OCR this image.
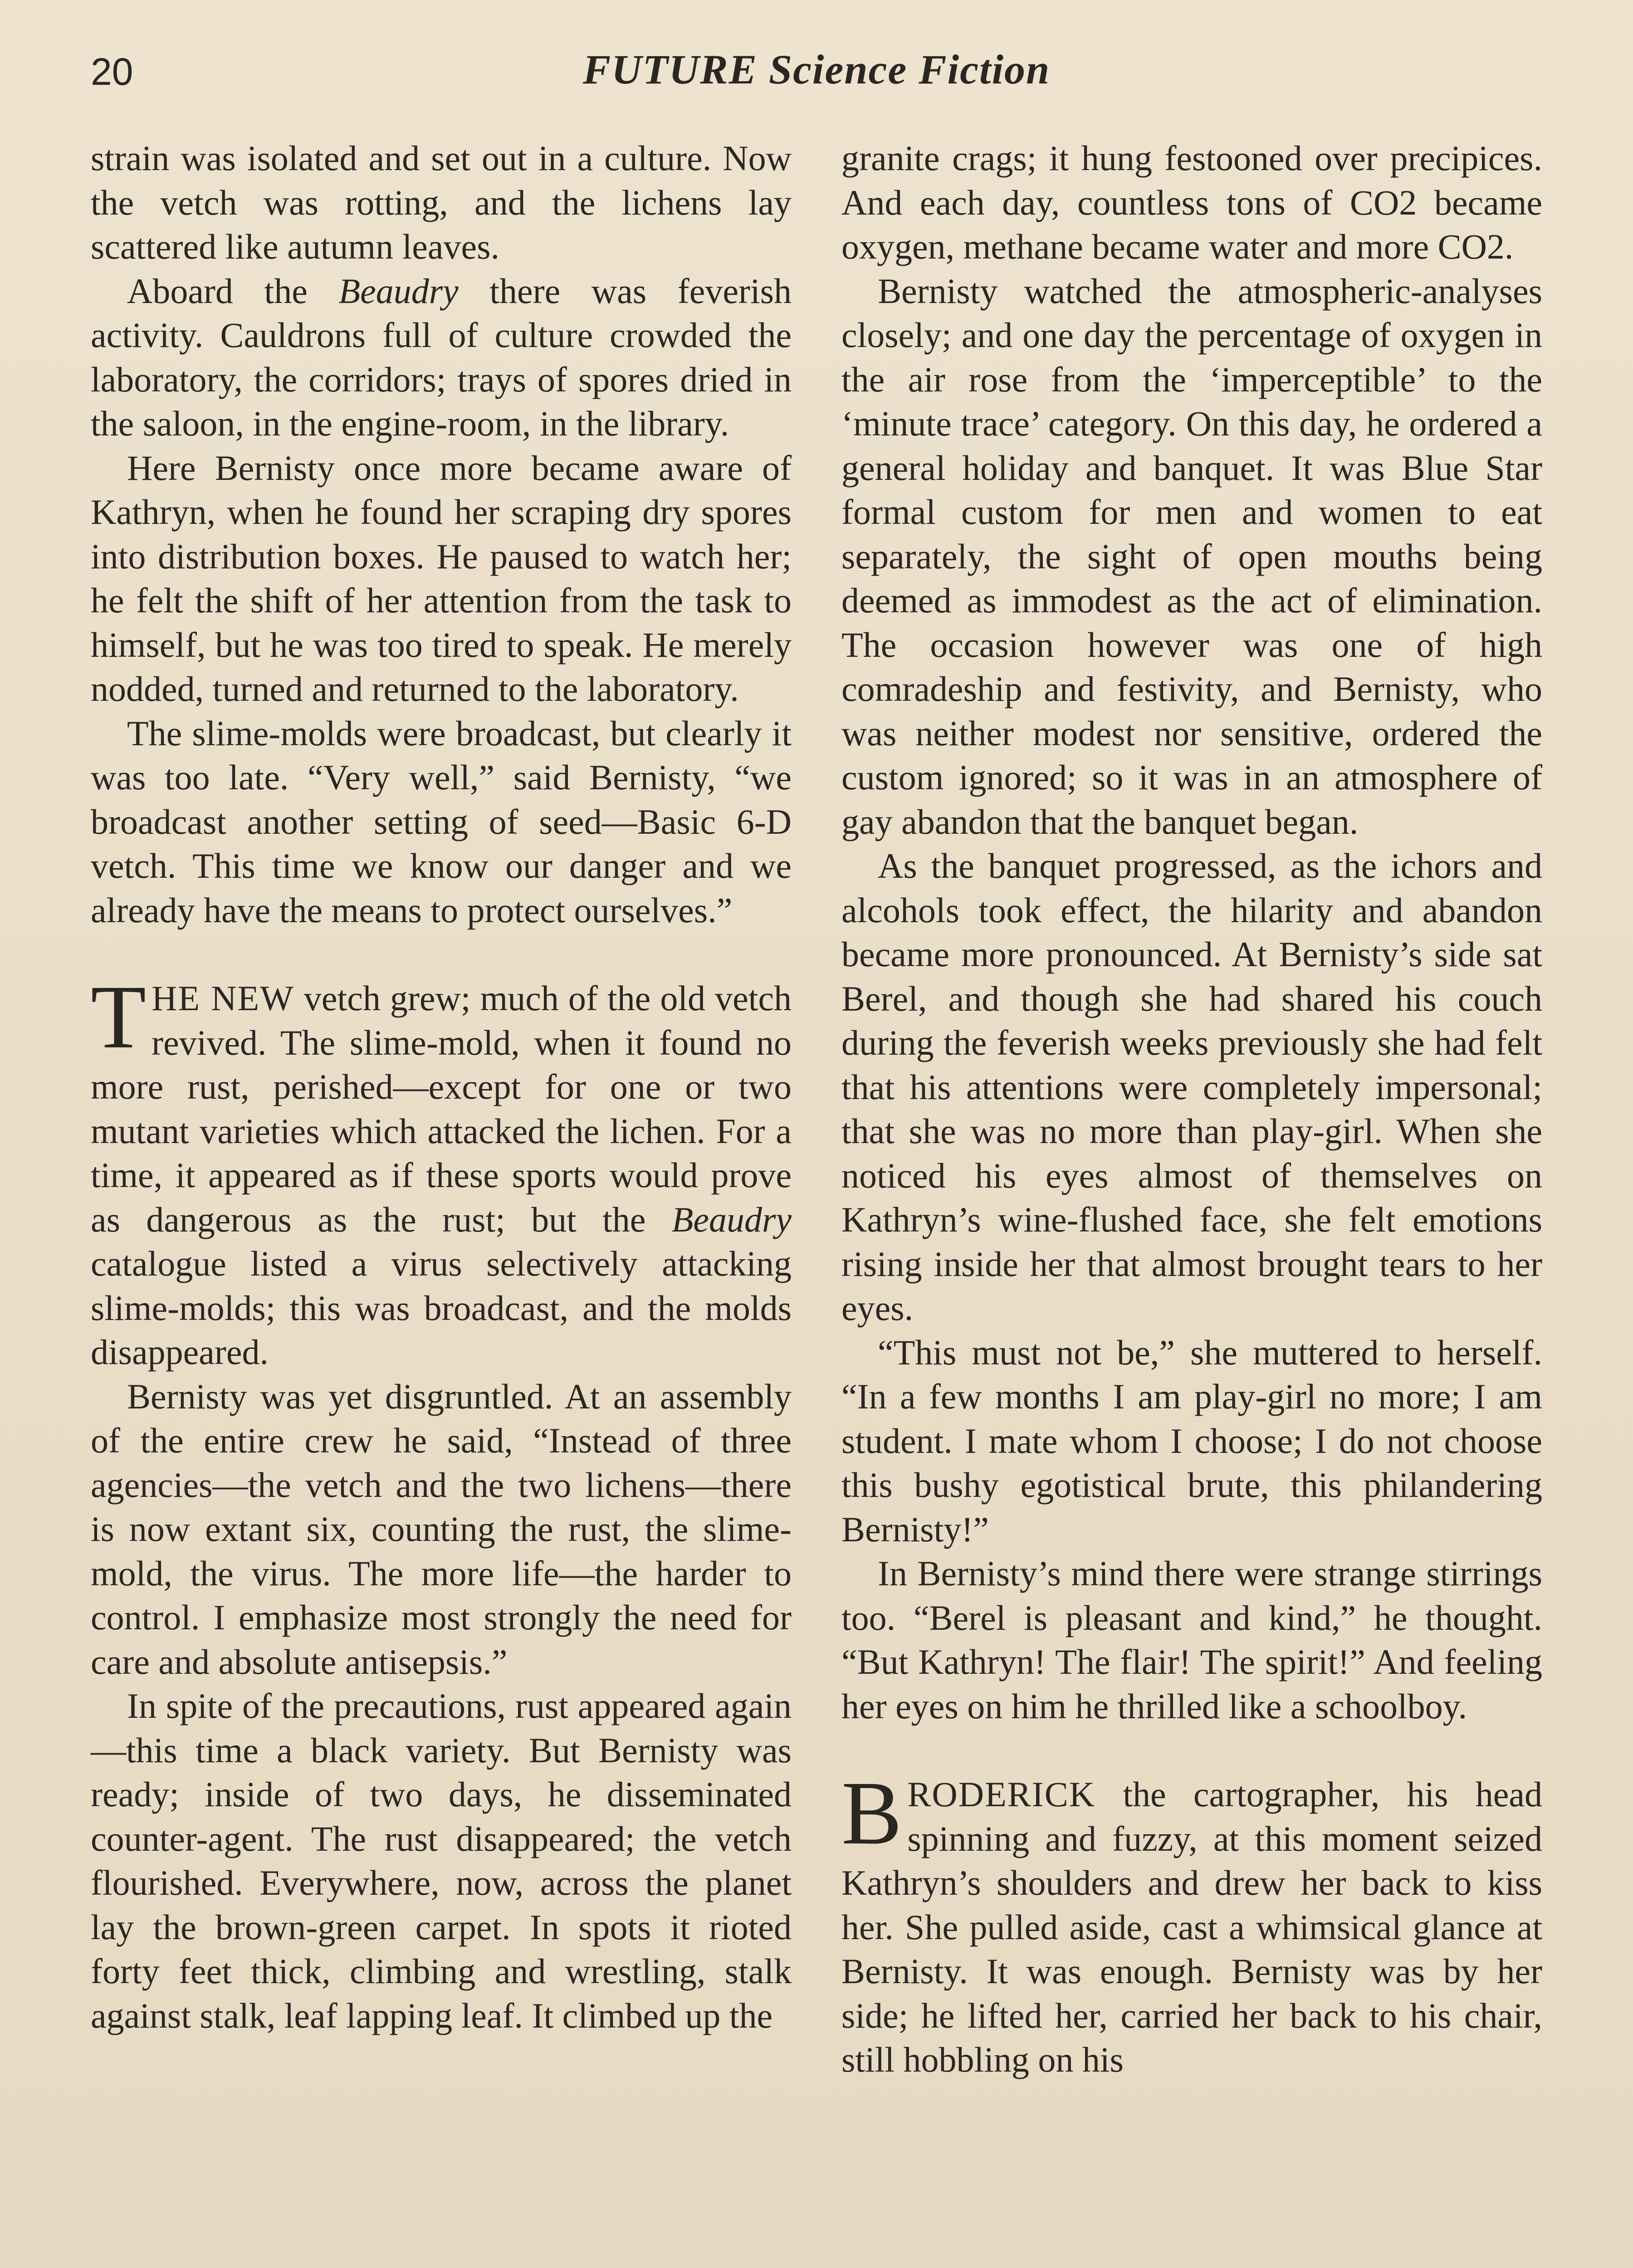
20	FUTURE Science Fiction

strain was isolated and set out in a culture. Now the vetch was rotting, and the lichens lay scattered like autumn leaves.

Aboard the Beaudry there was feverish activity. Cauldrons full of culture crowded the laboratory, the corridors; trays of spores dried in the saloon, in the engine-room, in the library.

Here Bernisty once more became aware of Kathryn, when he found her scraping dry spores into distribution boxes. He paused to watch her; he felt the shift of her attention from the task to himself, but he was too tired to speak. He merely nodded, turned and returned to the laboratory.

The slime-molds were broadcast, but clearly it was too late. “Very well,” said Bernisty, “we broadcast another setting of seed—Basic 6-D vetch. This time we know our danger and we already have the means to protect ourselves.”

THE NEW vetch grew; much of the old vetch revived. The slime-mold, when it found no more rust, perished—except for one or two mutant varieties which attacked the lichen. For a time, it appeared as if these sports would prove as dangerous as the rust; but the Beaudry catalogue listed a virus selectively attacking slime-molds; this was broadcast, and the molds disappeared.

Bernisty was yet disgruntled. At an assembly of the entire crew he said, “Instead of three agencies—the vetch and the two lichens—there is now extant six, counting the rust, the slime-mold, the virus. The more life—the harder to control. I emphasize most strongly the need for care and absolute antisepsis.”

In spite of the precautions, rust appeared again—this time a black variety. But Bernisty was ready; inside of two days, he disseminated counter-agent. The rust disappeared; the vetch flourished. Everywhere, now, across the planet lay the brown-green carpet. In spots it rioted forty feet thick, climbing and wrestling, stalk against stalk, leaf lapping leaf. It climbed up the

granite crags; it hung festooned over precipices. And each day, countless tons of CO2 became oxygen, methane became water and more CO2.

Bernisty watched the atmospheric-analyses closely; and one day the percentage of oxygen in the air rose from the ‘imperceptible’ to the ‘minute trace’ category. On this day, he ordered a general holiday and banquet. It was Blue Star formal custom for men and women to eat separately, the sight of open mouths being deemed as immodest as the act of elimination. The occasion however was one of high comradeship and festivity, and Bernisty, who was neither modest nor sensitive, ordered the custom ignored; so it was in an atmosphere of gay abandon that the banquet began.

As the banquet progressed, as the ichors and alcohols took effect, the hilarity and abandon became more pronounced. At Bernisty’s side sat Berel, and though she had shared his couch during the feverish weeks previously she had felt that his attentions were completely impersonal; that she was no more than play-girl. When she noticed his eyes almost of themselves on Kathryn’s wine-flushed face, she felt emotions rising inside her that almost brought tears to her eyes.

“This must not be,” she muttered to herself. “In a few months I am play-girl no more; I am student. I mate whom I choose; I do not choose this bushy egotistical brute, this philandering Bernisty!”

In Bernisty’s mind there were strange stirrings too. “Berel is pleasant and kind,” he thought. “But Kathryn! The flair! The spirit!” And feeling her eyes on him he thrilled like a schoolboy.

BRODERICK the cartographer, his head spinning and fuzzy, at this moment seized Kathryn’s shoulders and drew her back to kiss her. She pulled aside, cast a whimsical glance at Bernisty. It was enough. Bernisty was by her side; he lifted her, carried her back to his chair, still hobbling on his
